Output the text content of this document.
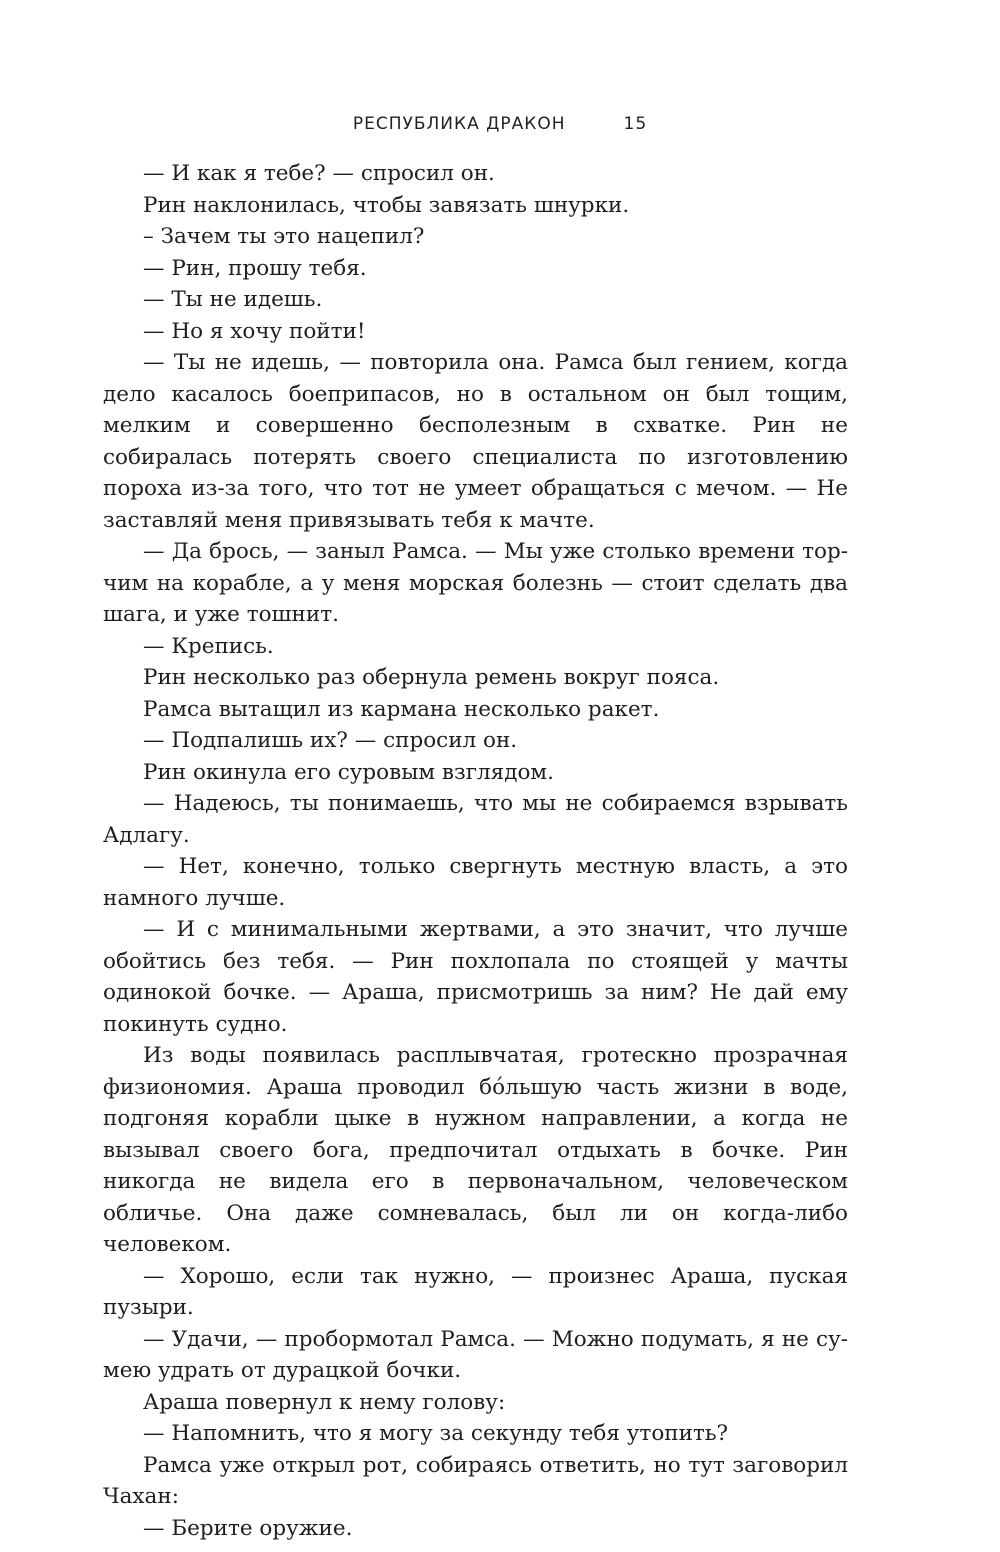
РЕСПУБЛИКА ДРАКОН	15

— И как я тебе? — спросил он.

Рин наклонилась, чтобы завязать шнурки.

– Зачем ты это нацепил?

— Рин, прошу тебя.

— Ты не идешь.

— Но я хочу пойти!

— Ты не идешь, — повторила она. Рамса был гением, когда дело касалось боеприпасов, но в остальном он был тощим, мелким и совершенно бесполезным в схватке. Рин не собиралась потерять своего специалиста по изготовлению пороха из-за того, что тот не умеет обращаться с мечом. — Не заставляй меня привязывать тебя к мачте.

— Да брось, — заныл Рамса. — Мы уже столько времени торчим на корабле, а у меня морская болезнь — стоит сделать два шага, и уже тошнит.

— Крепись.

Рин несколько раз обернула ремень вокруг пояса.

Рамса вытащил из кармана несколько ракет.

— Подпалишь их? — спросил он.

Рин окинула его суровым взглядом.

— Надеюсь, ты понимаешь, что мы не собираемся взрывать Адлагу.

— Нет, конечно, только свергнуть местную власть, а это намного лучше.

— И с минимальными жертвами, а это значит, что лучше обойтись без тебя. — Рин похлопала по стоящей у мачты одинокой бочке. — Араша, присмотришь за ним? Не дай ему покинуть судно.

Из воды появилась расплывчатая, гротескно прозрачная физиономия. Араша проводил бо́льшую часть жизни в воде, подгоняя корабли цыке в нужном направлении, а когда не вызывал своего бога, предпочитал отдыхать в бочке. Рин никогда не видела его в первоначальном, человеческом обличье. Она даже сомневалась, был ли он когда-либо человеком.

— Хорошо, если так нужно, — произнес Араша, пуская пузыри.

— Удачи, — пробормотал Рамса. — Можно подумать, я не сумею удрать от дурацкой бочки.

Араша повернул к нему голову:

— Напомнить, что я могу за секунду тебя утопить?

Рамса уже открыл рот, собираясь ответить, но тут заговорил Чахан:

— Берите оружие.
